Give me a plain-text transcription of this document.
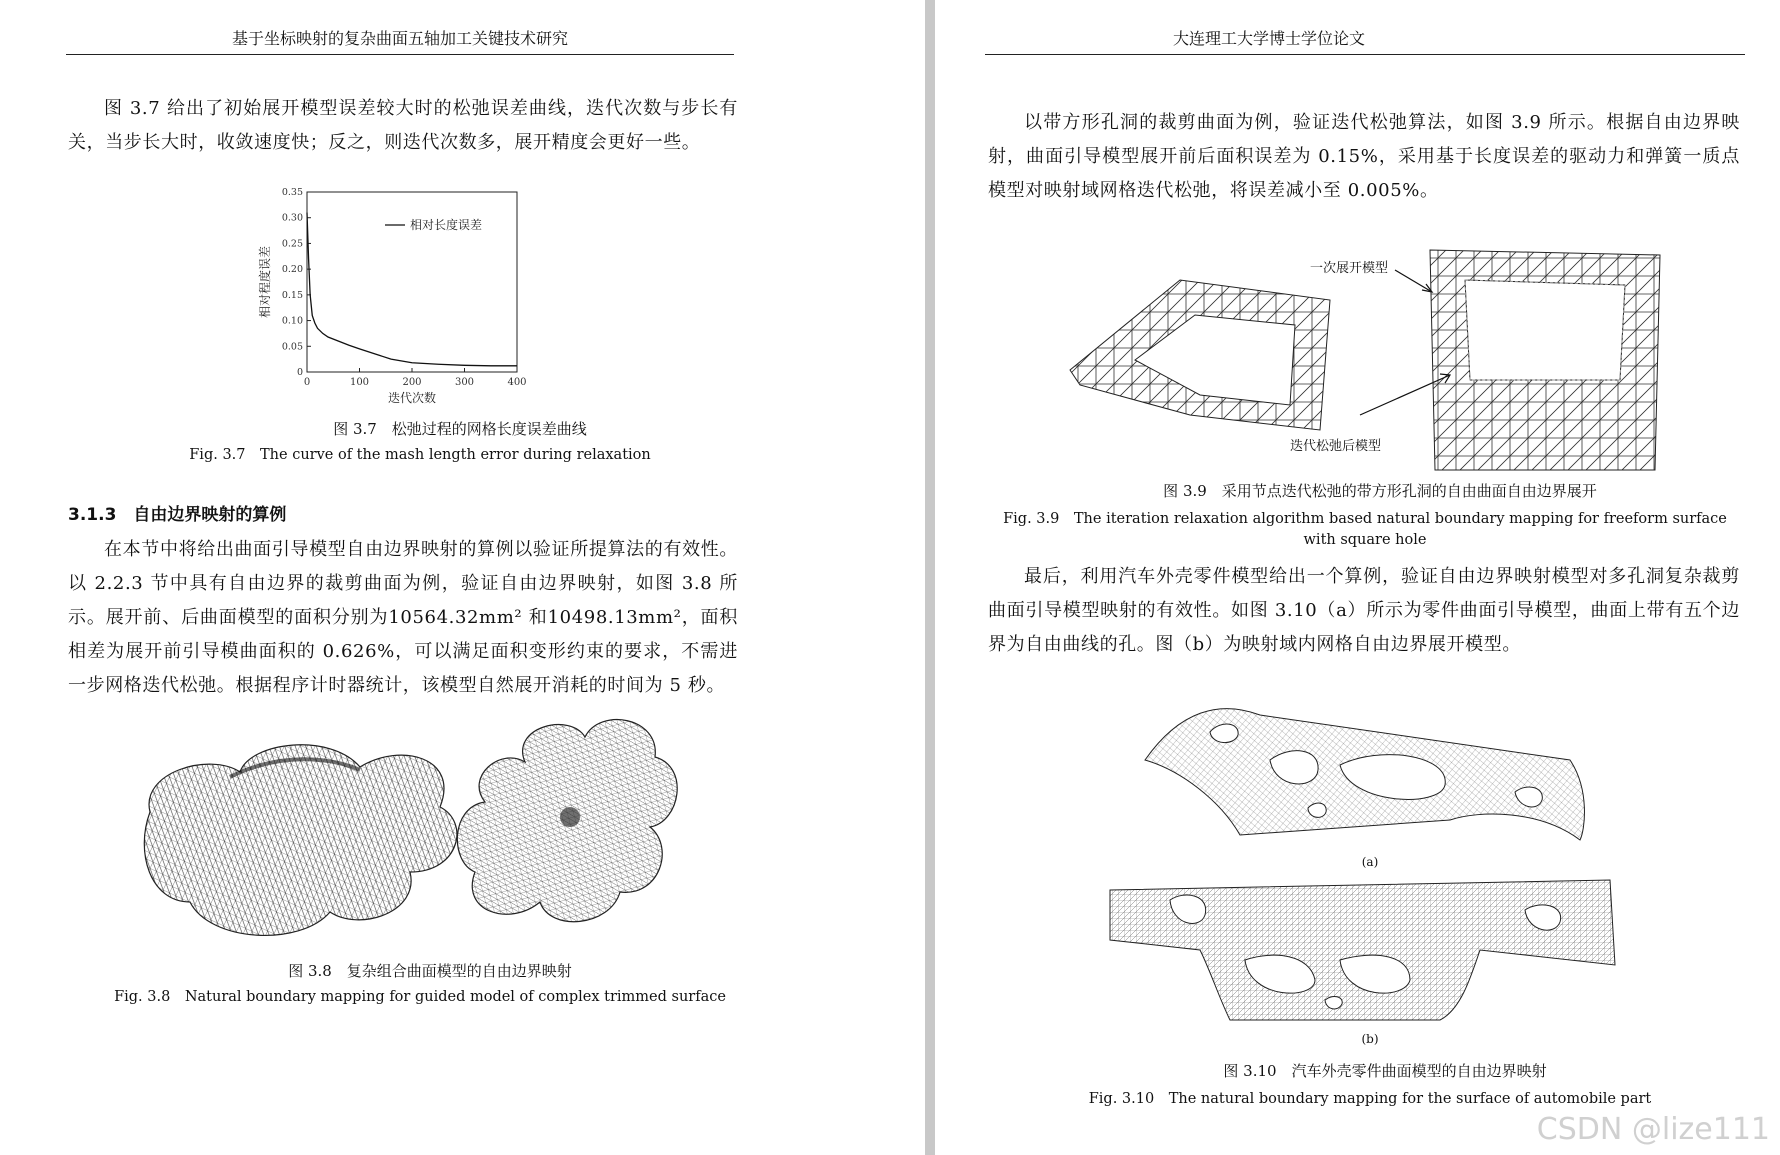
基于坐标映射的复杂曲面五轴加工关键技术研究

图 3.7 给出了初始展开模型误差较大时的松弛误差曲线，迭代次数与步长有关，当步长大时，收敛速度快；反之，则迭代次数多，展开精度会更好一些。

0
0.05
0.10
0.15
0.20
0.25
0.30
0.35
0	100	200	300	400
迭代次数
相对程度误差
相对长度误差
图 3.7　松弛过程的网格长度误差曲线
Fig. 3.7　The curve of the mash length error during relaxation
3.1.3　自由边界映射的算例

在本节中将给出曲面引导模型自由边界映射的算例以验证所提算法的有效性。以 2.2.3 节中具有自由边界的裁剪曲面为例，验证自由边界映射，如图 3.8 所示。展开前、后曲面模型的面积分别为10564.32mm² 和10498.13mm²，面积相差为展开前引导模曲面积的 0.626%，可以满足面积变形约束的要求，不需进一步网格迭代松弛。根据程序计时器统计，该模型自然展开消耗的时间为 5 秒。

图 3.8　复杂组合曲面模型的自由边界映射
Fig. 3.8　Natural boundary mapping for guided model of complex trimmed surface
大连理工大学博士学位论文

以带方形孔洞的裁剪曲面为例，验证迭代松弛算法，如图 3.9 所示。根据自由边界映射，曲面引导模型展开前后面积误差为 0.15%，采用基于长度误差的驱动力和弹簧一质点模型对映射域网格迭代松弛，将误差减小至 0.005%。

一次展开模型
迭代松弛后模型
图 3.9　采用节点迭代松弛的带方形孔洞的自由曲面自由边界展开
Fig. 3.9　The iteration relaxation algorithm based natural boundary mapping for freeform surface
with square hole

最后，利用汽车外壳零件模型给出一个算例，验证自由边界映射模型对多孔洞复杂裁剪曲面引导模型映射的有效性。如图 3.10（a）所示为零件曲面引导模型，曲面上带有五个边界为自由曲线的孔。图（b）为映射域内网格自由边界展开模型。

(a)
(b)
图 3.10　汽车外壳零件曲面模型的自由边界映射
Fig. 3.10　The natural boundary mapping for the surface of automobile part
CSDN @lize111
